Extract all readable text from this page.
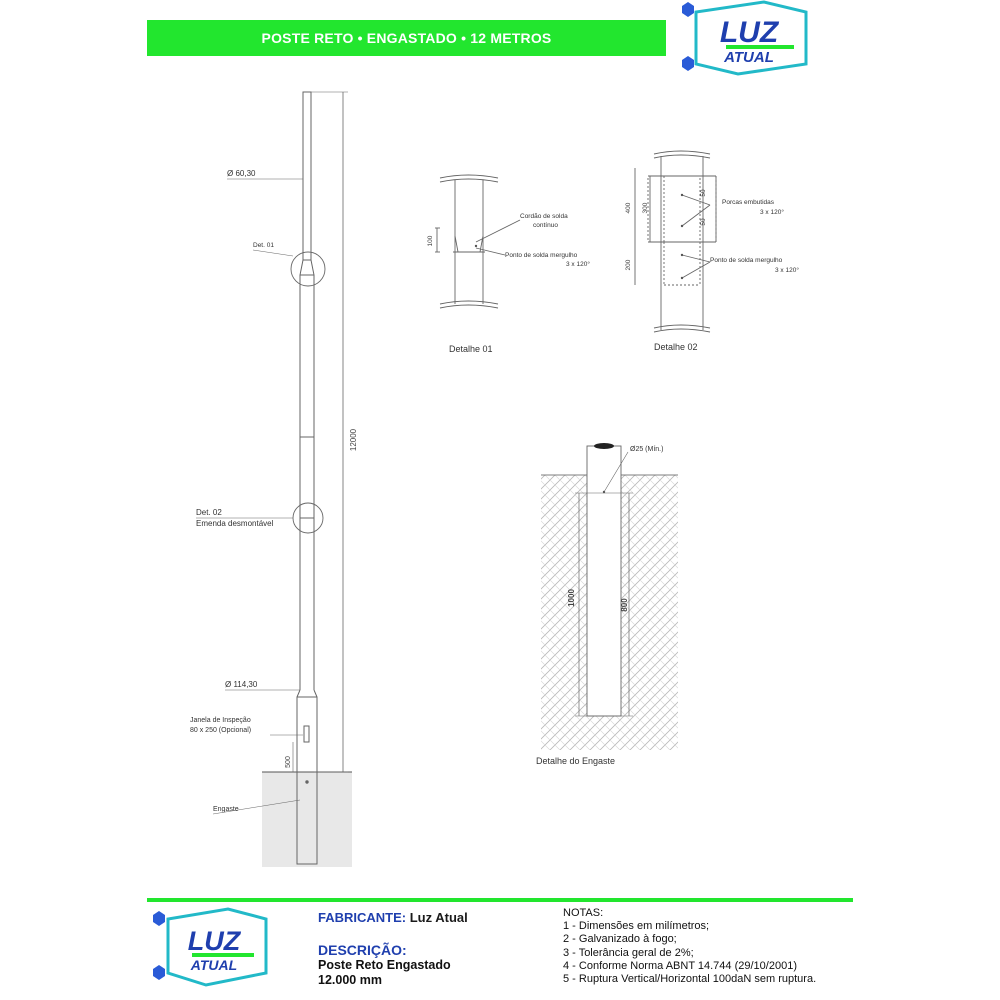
POSTE RETO • ENGASTADO • 12 METROS	LUZ
ATUAL
12000
Ø 60,30
Det. 01
Det. 02
Emenda desmontável
Ø 114,30
Janela de Inspeção
80 x 250 (Opcional)
500
Engaste
100
Cordão de solda
contínuo
Ponto de solda mergulho
3 x 120°
Detalhe 01
400 300
50
50
200
Porcas embutidas
3 x 120°
Ponto de solda mergulho
3 x 120°
Detalhe 02
Ø25 (Mín.)
1000	800
Detalhe do Engaste
LUZ
ATUAL
FABRICANTE: Luz Atual
DESCRIÇÃO:
Poste Reto Engastado
12.000 mm
NOTAS:
1 - Dimensões em milímetros;
2 - Galvanizado à fogo;
3 - Tolerância geral de 2%;
4 - Conforme Norma ABNT 14.744 (29/10/2001)
5 - Ruptura Vertical/Horizontal 100daN sem ruptura.
